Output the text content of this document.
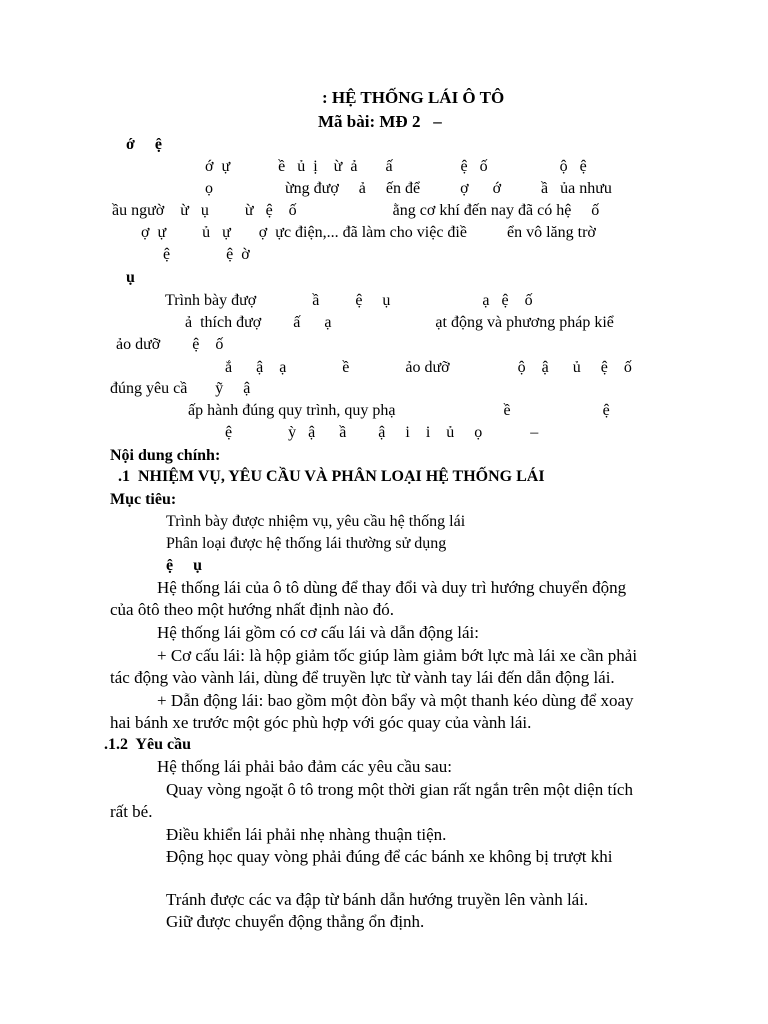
: HỆ THỐNG LÁI Ô TÔ
Mã bài: MĐ 2   –
ớ     ệ
ớ  ự            ề   ủ  ị    ừ  ả       ấ                 ệ   ố                  ộ   ệ
ọ                  ừng đượ     ả     ến để          ợ      ớ          ầ   ủa nhưu
ầu ngườ    ừ   ụ         ừ   ệ    ố                        ằng cơ khí đến nay đã có hệ     ố
ợ  ự         ủ   ự       ợ  ực điện,... đã làm cho việc điề          ển vô lăng trờ
ệ              ệ  ờ
ụ
Trình bày đượ              ầ         ệ     ụ                       ạ   ệ    ố
ả  thích đượ        ấ      ạ                          ạt động và phương pháp kiể
ảo dưỡ        ệ    ố
ắ      ậ    ạ              ề              ảo dưỡ                 ộ    ậ      ủ     ệ    ố
đúng yêu cầ       ỹ     ậ
ấp hành đúng quy trình, quy phạ                           ề                       ệ
ệ              ỳ   ậ      ầ        ậ     i    i    ủ     ọ            –
Nội dung chính:
.1  NHIỆM VỤ, YÊU CẦU VÀ PHÂN LOẠI HỆ THỐNG LÁI
Mục tiêu:
Trình bày được nhiệm vụ, yêu cầu hệ thống lái
Phân loại được hệ thống lái thường sử dụng
ệ     ụ
Hệ thống lái của ô tô dùng để thay đổi và duy trì hướng chuyển động
của ôtô theo một hướng nhất định nào đó.
Hệ thống lái gồm có cơ cấu lái và dẫn động lái:
+ Cơ cấu lái: là hộp giảm tốc giúp làm giảm bớt lực mà lái xe cần phải
tác động vào vành lái, dùng để truyền lực từ vành tay lái đến dẫn động lái.
+ Dẫn động lái: bao gồm một đòn bẩy và một thanh kéo dùng để xoay
hai bánh xe trước một góc phù hợp với góc quay của vành lái.
.1.2  Yêu cầu
Hệ thống lái phải bảo đảm các yêu cầu sau:
Quay vòng ngoặt ô tô trong một thời gian rất ngắn trên một diện tích
rất bé.
Điều khiển lái phải nhẹ nhàng thuận tiện.
Động học quay vòng phải đúng để các bánh xe không bị trượt khi
Tránh được các va đập từ bánh dẫn hướng truyền lên vành lái.
Giữ được chuyển động thẳng ổn định.
